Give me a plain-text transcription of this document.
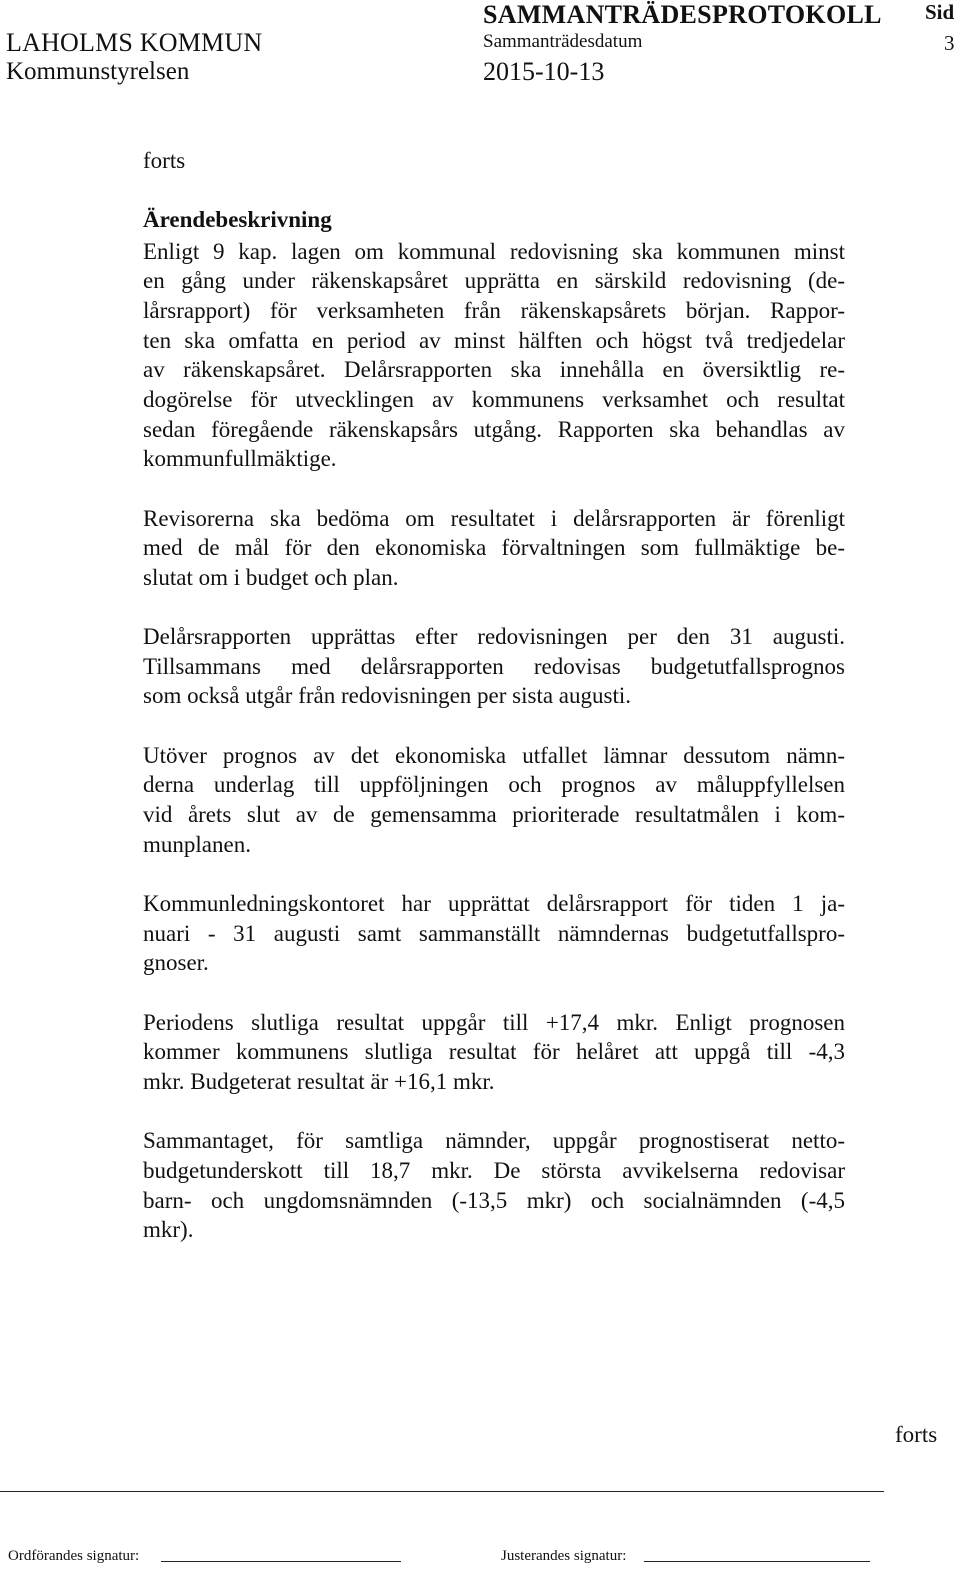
LAHOLMS KOMMUN
Kommunstyrelsen
SAMMANTRÄDESPROTOKOLL
Sammanträdesdatum
2015-10-13
Sid
3
forts
Ärendebeskrivning
Enligt 9 kap. lagen om kommunal redovisning ska kommunen minst
en gång under räkenskapsåret upprätta en särskild redovisning (de-
lårsrapport) för verksamheten från räkenskapsårets början. Rappor-
ten ska omfatta en period av minst hälften och högst två tredjedelar
av räkenskapsåret. Delårsrapporten ska innehålla en översiktlig re-
dogörelse för utvecklingen av kommunens verksamhet och resultat
sedan föregående räkenskapsårs utgång. Rapporten ska behandlas av
kommunfullmäktige.
Revisorerna ska bedöma om resultatet i delårsrapporten är förenligt
med de mål för den ekonomiska förvaltningen som fullmäktige be-
slutat om i budget och plan.
Delårsrapporten upprättas efter redovisningen per den 31 augusti.
Tillsammans med delårsrapporten redovisas budgetutfallsprognos
som också utgår från redovisningen per sista augusti.
Utöver prognos av det ekonomiska utfallet lämnar dessutom nämn-
derna underlag till uppföljningen och prognos av måluppfyllelsen
vid årets slut av de gemensamma prioriterade resultatmålen i kom-
munplanen.
Kommunledningskontoret har upprättat delårsrapport för tiden 1 ja-
nuari - 31 augusti samt sammanställt nämndernas budgetutfallspro-
gnoser.
Periodens slutliga resultat uppgår till +17,4 mkr. Enligt prognosen
kommer kommunens slutliga resultat för helåret att uppgå till -4,3
mkr. Budgeterat resultat är +16,1 mkr.
Sammantaget, för samtliga nämnder, uppgår prognostiserat netto-
budgetunderskott till 18,7 mkr. De största avvikelserna redovisar
barn- och ungdomsnämnden (-13,5 mkr) och socialnämnden (-4,5
mkr).
forts
Ordförandes signatur:	Justerandes signatur:
